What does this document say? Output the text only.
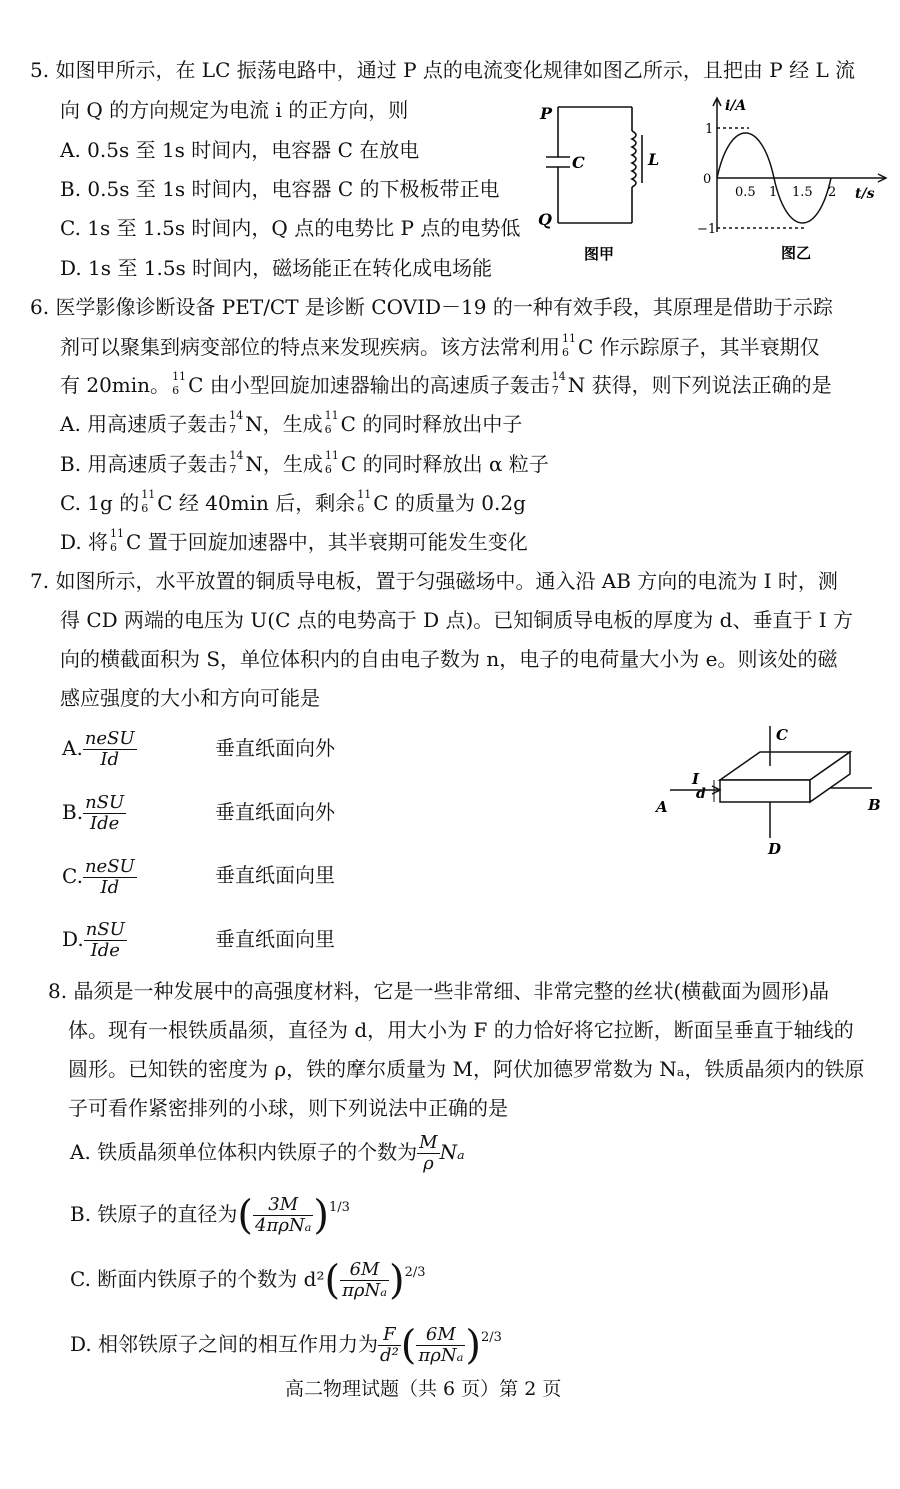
5. 如图甲所示，在 LC 振荡电路中，通过 P 点的电流变化规律如图乙所示，且把由 P 经 L 流
向 Q 的方向规定为电流 i 的正方向，则
A. 0.5s 至 1s 时间内，电容器 C 在放电
B. 0.5s 至 1s 时间内，电容器 C 的下极板带正电
C. 1s 至 1.5s 时间内，Q 点的电势比 P 点的电势低
D. 1s 至 1.5s 时间内，磁场能正在转化成电场能
P
C	L
Q
图甲
i/A
t/s
1
0
−1
0.5 1 1.5 2
图乙
6. 医学影像诊断设备 PET/CT 是诊断 COVID－19 的一种有效手段，其原理是借助于示踪
剂可以聚集到病变部位的特点来发现疾病。该方法常利用 11
6 C 作示踪原子，其半衰期仅
有 20min。 11
6 C 由小型回旋加速器输出的高速质子轰击 14
7 N 获得，则下列说法正确的是
A. 用高速质子轰击 14
7 N，生成 11
6 C 的同时释放出中子
B. 用高速质子轰击 14
7 N，生成 11
6 C 的同时释放出 α 粒子
C. 1g 的 11
6 C 经 40min 后，剩余 11
6 C 的质量为 0.2g
D. 将 11
6 C 置于回旋加速器中，其半衰期可能发生变化
7. 如图所示，水平放置的铜质导电板，置于匀强磁场中。通入沿 AB 方向的电流为 I 时，测
得 CD 两端的电压为 U(C 点的电势高于 D 点)。已知铜质导电板的厚度为 d、垂直于 I 方
向的横截面积为 S，单位体积内的自由电子数为 n，电子的电荷量大小为 e。则该处的磁
感应强度的大小和方向可能是
A. $\frac{\text{neSU}}{Id}$	垂直纸面向外
B. $\frac{\text{nSU}}{\text{Ide}}$	垂直纸面向外
C. $\frac{\text{neSU}}{Id}$	垂直纸面向里
D. $\frac{\text{nSU}}{\text{Ide}}$	垂直纸面向里
C
D
A	B
I
d
8. 晶须是一种发展中的高强度材料，它是一些非常细、非常完整的丝状(横截面为圆形)晶
体。现有一根铁质晶须，直径为 d，用大小为 F 的力恰好将它拉断，断面呈垂直于轴线的
圆形。已知铁的密度为 ρ，铁的摩尔质量为 M，阿伏加德罗常数为 Nₐ，铁质晶须内的铁原
子可看作紧密排列的小球，则下列说法中正确的是
A. 铁质晶须单位体积内铁原子的个数为 $\frac{M}{\rho}$ Nₐ
B. 铁原子的直径为( $\frac{3M}{\text{4πρNₐ}} )^{1/3}$
C. 断面内铁原子的个数为 $d^2( \frac{6M}{\text{πρNₐ}} )^{2/3}$
D. 相邻铁原子之间的相互作用力为 $\frac{F}{\text{d²}}$ ( $\frac{6M}{\text{πρNₐ}} )^{2/3}$
高二物理试题（共 6 页）第 2 页
